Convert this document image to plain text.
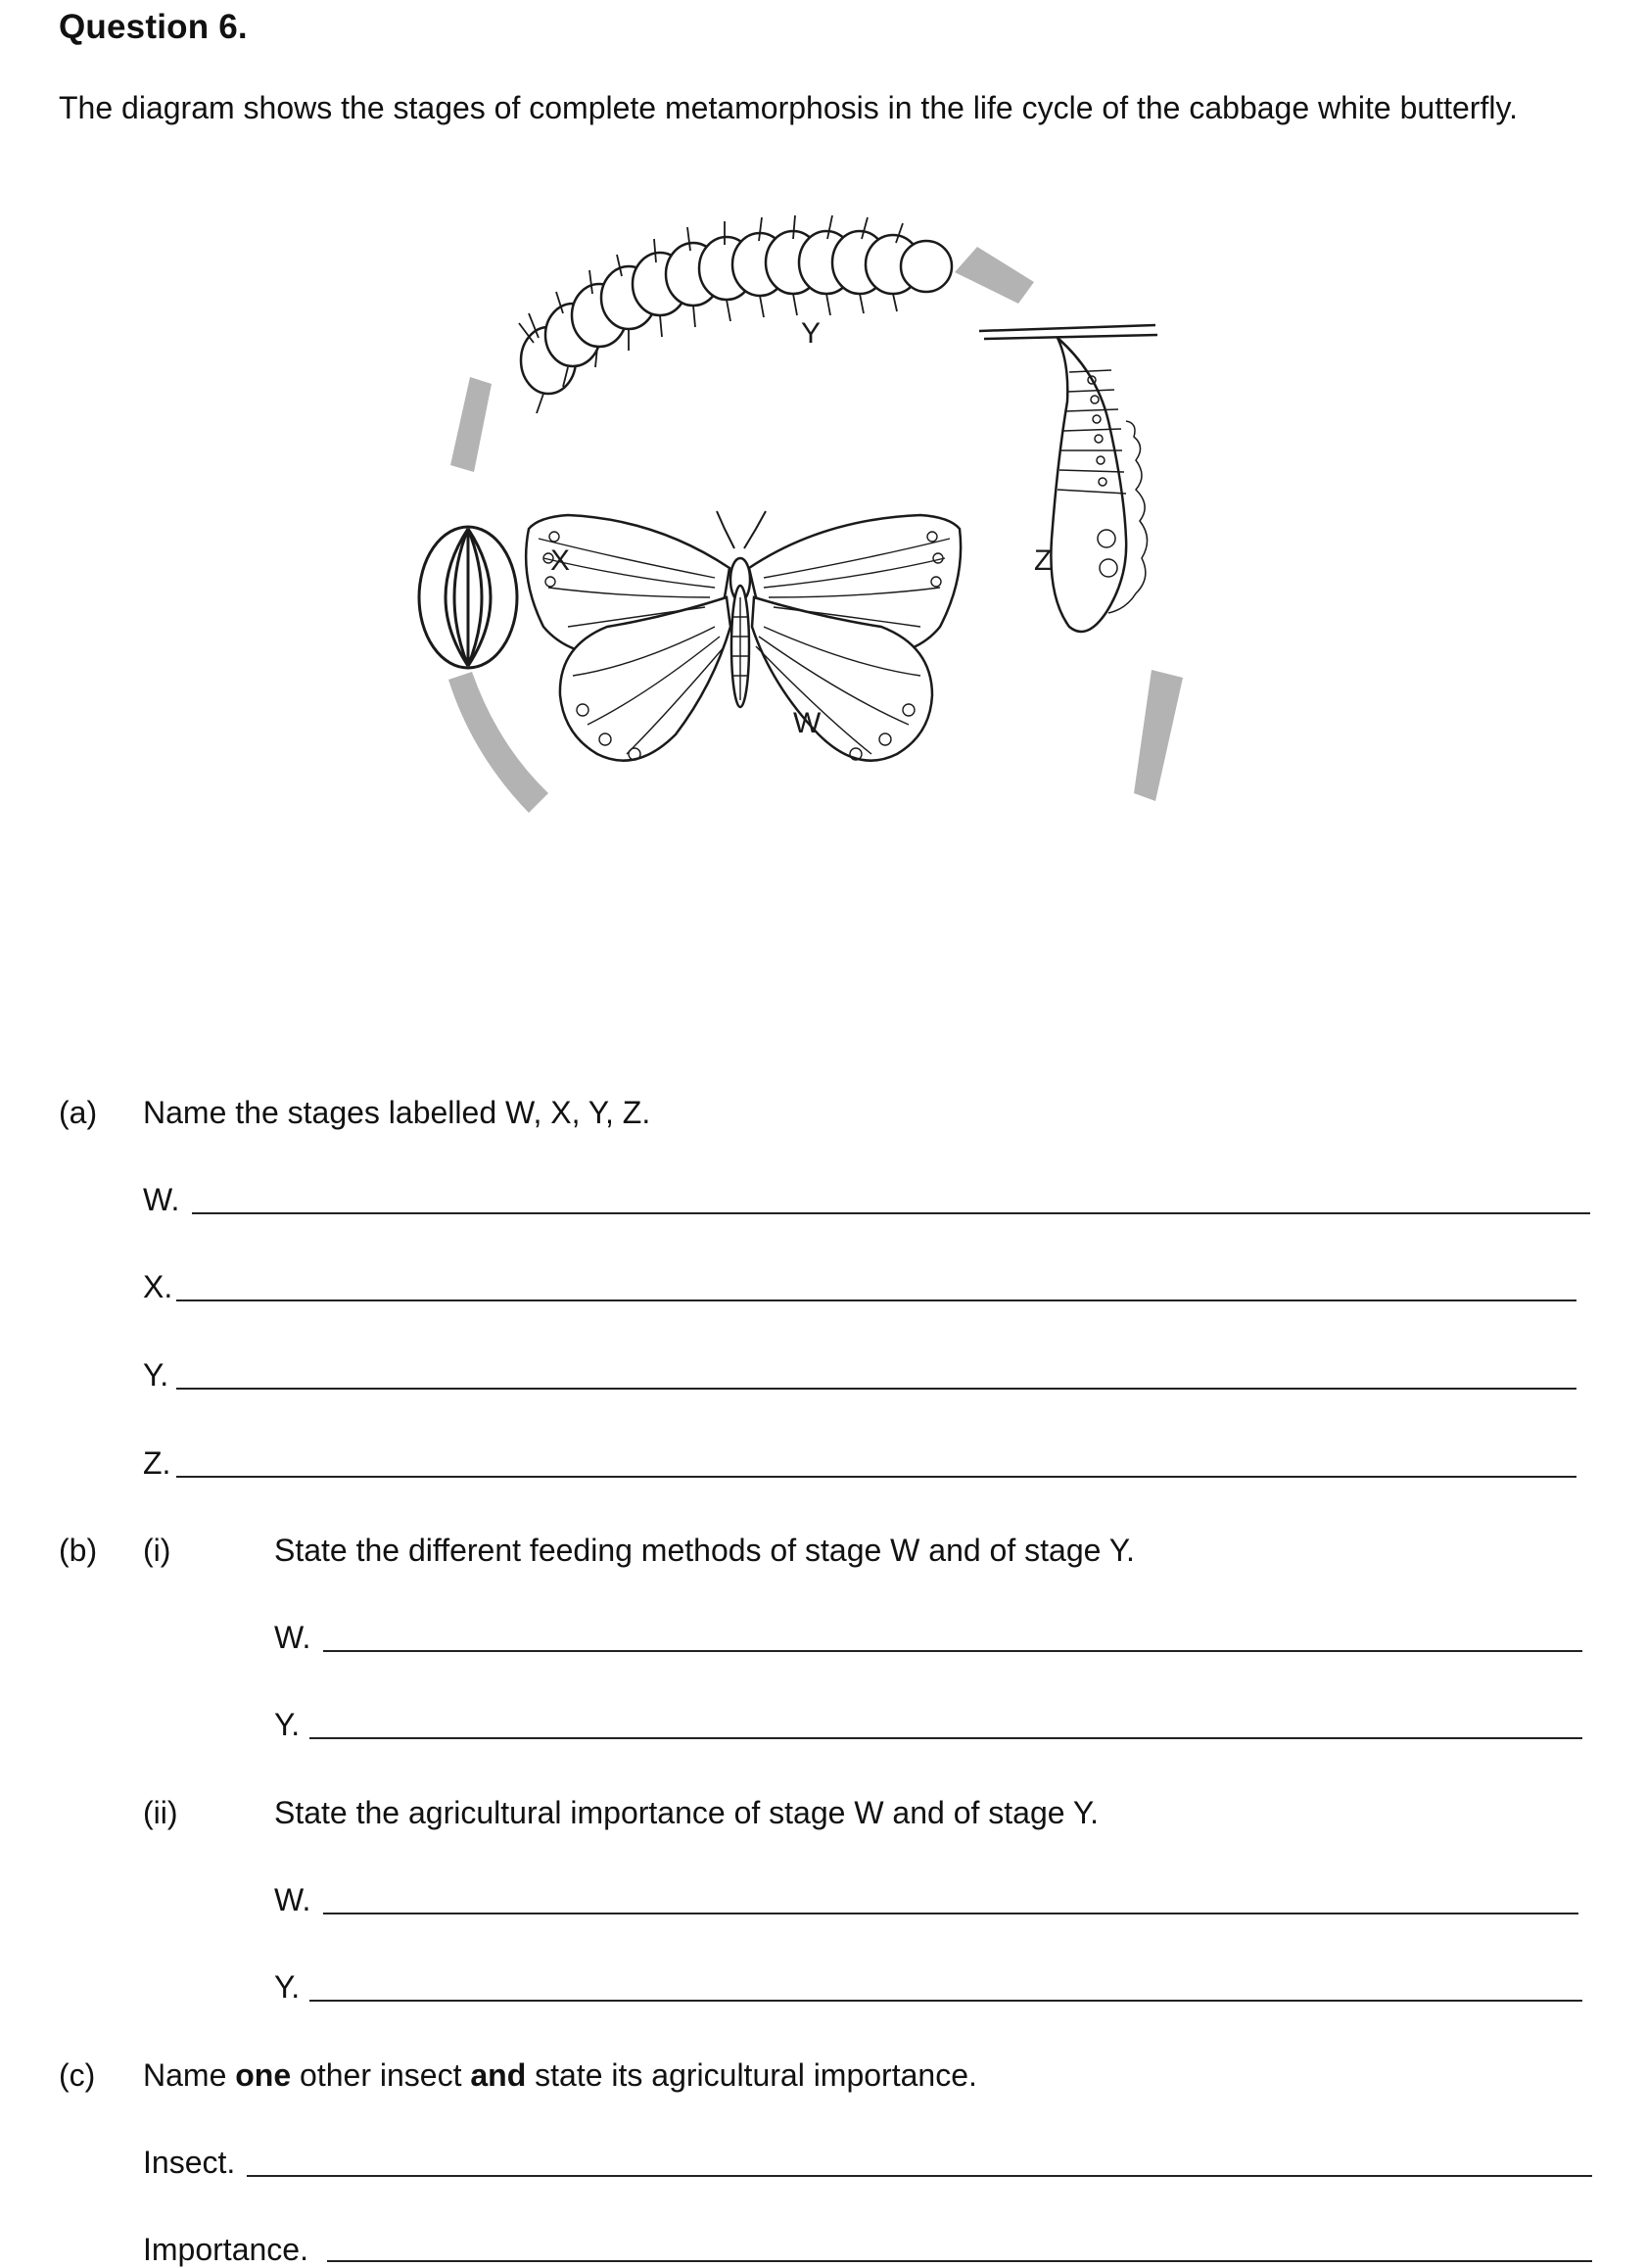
Question 6.
The diagram shows the stages of complete metamorphosis in the life cycle of the cabbage white butterfly.
X
Y
Z
W
(a) Name the stages labelled W, X, Y, Z.
W.
X.
Y.
Z.
(b) (i)	State the different feeding methods of stage W and of stage Y.
W.
Y.
(ii)	State the agricultural importance of stage W and of stage Y.
W.
Y.
(c) Name one other insect and state its agricultural importance.
Insect.
Importance.
